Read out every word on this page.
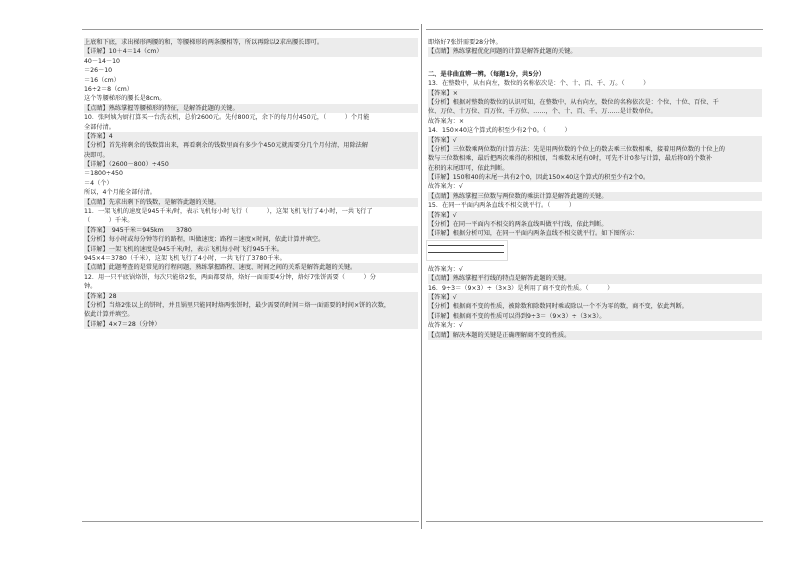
上底和下底，求出梯形两腰的和，等腰梯形的两条腰相等，所以再除以2求出腰长即可。
【详解】10＋4＝14（cm）
40－14－10
＝26－10
＝16（cm）
16÷2＝8（cm）
这个等腰梯形的腰长是8cm。
【点睛】熟练掌握等腰梯形的特征，是解答此题的关键。
10．张阿姨为厨打算买一台洗衣机，总价2600元。先付800元，余下的每月付450元，（　　　）个月能
全部付清。
【答案】4
【分析】首先将剩余的钱数算出来，再看剩余的钱数里面有多少个450元就需要分几个月付清，用除法解
决即可。
【详解】（2600－800）÷450
＝1800÷450
＝4（个）
所以，4个月能全部付清。
【点睛】先求出剩下的钱数，是解答此题的关键。
11．一架飞机的速度是945千米/时，表示飞机每小时飞行（　　　），这架飞机飞行了4小时，一共飞行了
（　　　）千米。
【答案】　945千米＝945km　　3780
【分析】每小时或每分钟等行的路程，叫做速度；路程＝速度×时间，依此计算并填空。
【详解】一架飞机的速度是945千米/时，表示飞机每小时飞行945千米。
945×4＝3780（千米），这架飞机飞行了4小时，一共飞行了3780千米。
【点睛】此题考查的是常见的行程问题，熟练掌握路程、速度、时间之间的关系是解答此题的关键。
12．用一只平底锅烙饼，每次只能烙2张，两面都要烙，烙好一面需要4分钟，烙好7张饼需要（　　　）分
钟。
【答案】28
【分析】当烙2张以上的饼时，并且锅里只能同时烙两张饼时，最少需要的时间＝烙一面需要的时间×饼的次数，
依此计算并填空。
【详解】4×7＝28（分钟）
即烙好7张饼需要28分钟。
【点睛】熟练掌握优化问题的计算是解答此题的关键。
二、是非曲直辨一辨。（每题1分，共5分）
13．在整数中，从右向左，数位的名称依次是：个、十、百、千、万。（　　　）
【答案】×
【分析】根据对整数的数位的认识可知，在整数中，从右向左，数位的名称依次是：个位、十位、百位、千
位、万位、十万位、百万位、千万位、……，个、十、百、千、万……是计数单位。
故答案为：×
14．150×40这个算式的积至少有2个0。（　　　）
【答案】√
【分析】三位数乘两位数的计算方法：先是用两位数的个位上的数去乘三位数相乘，接着用两位数的十位上的
数与三位数相乘，最后把两次乘得的积相加，当乘数末尾有0时，可先不计0参与计算，最后将0的个数补
在积的末尾即可，依此判断。
【详解】150和40的末尾一共有2个0，因此150×40这个算式的积至少有2个0。
故答案为：√
【点睛】熟练掌握三位数与两位数的乘法计算是解答此题的关键。
15．在同一平面内两条直线不相交就平行。（　　　）
【答案】√
【分析】在同一平面内不相交的两条直线叫做平行线，依此判断。
【详解】根据分析可知，在同一平面内两条直线不相交就平行。如下图所示：
故答案为：√
【点睛】熟练掌握平行线的特点是解答此题的关键。
16．9÷3＝（9×3）÷（3×3）是利用了商不变的性质。（　　　）
【答案】√
【分析】根据商不变的性质，被除数和除数同时乘或除以一个不为零的数，商不变，依此判断。
【详解】根据商不变的性质可以得到9÷3＝（9×3）÷（3×3）。
故答案为：√
【点睛】解决本题的关键是正确理解商不变的性质。
